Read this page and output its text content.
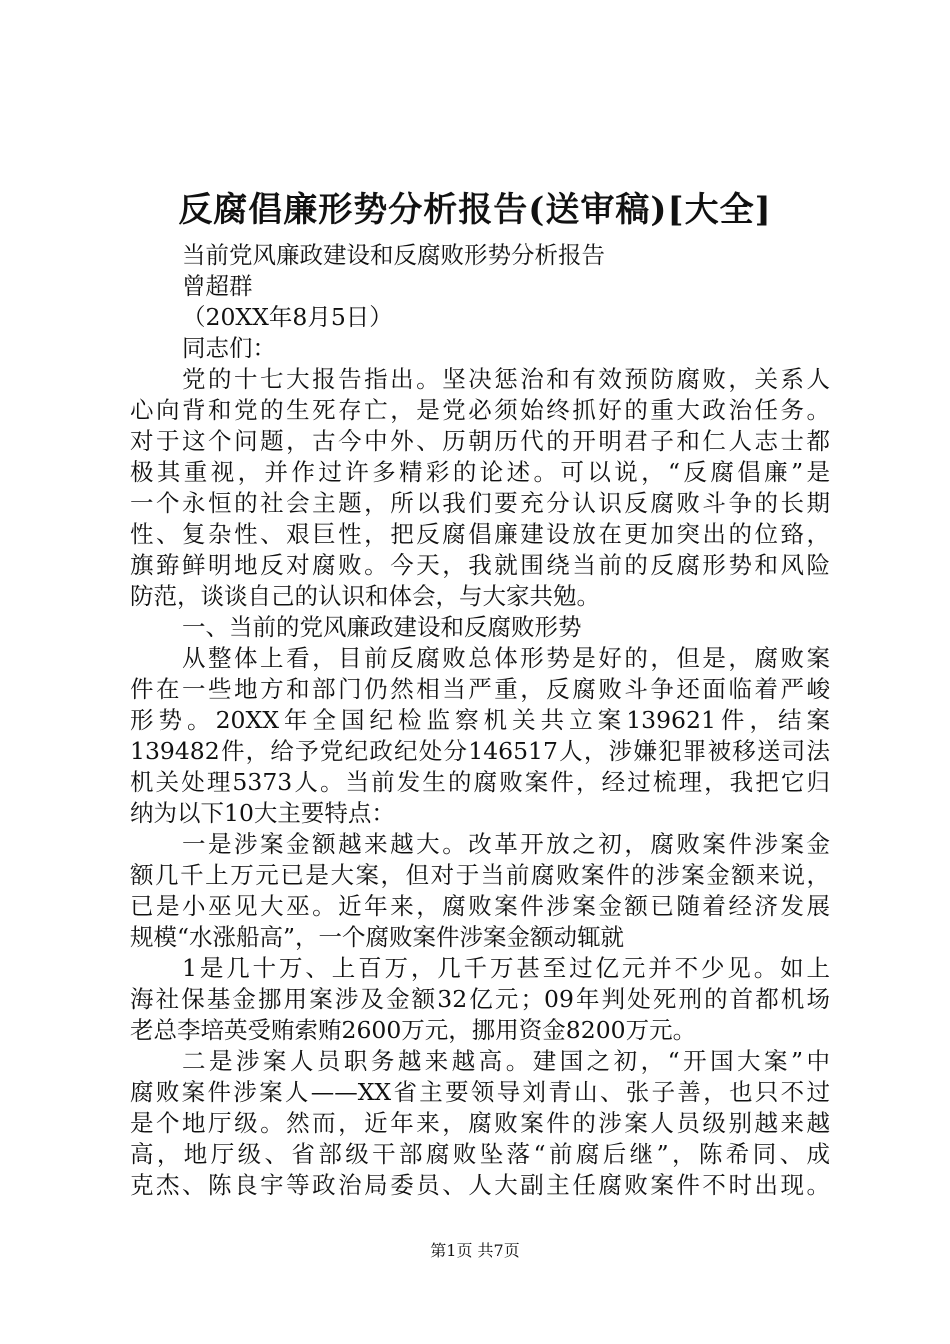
反腐倡廉形势分析报告(送审稿)[大全]
当前党风廉政建设和反腐败形势分析报告
曾超群
（20XX年8月5日）
同志们：
党的十七大报告指出。坚决惩治和有效预防腐败，关系人
心向背和党的生死存亡，是党必须始终抓好的重大政治任务。
对于这个问题，古今中外、历朝历代的开明君子和仁人志士都
极其重视，并作过许多精彩的论述。可以说，“反腐倡廉”是
一个永恒的社会主题，所以我们要充分认识反腐败斗争的长期
性、复杂性、艰巨性，把反腐倡廉建设放在更加突出的位臵，
旗臶鲜明地反对腐败。今天，我就围绕当前的反腐形势和风险
防范，谈谈自己的认识和体会，与大家共勉。
一、当前的党风廉政建设和反腐败形势
从整体上看，目前反腐败总体形势是好的，但是，腐败案
件在一些地方和部门仍然相当严重，反腐败斗争还面临着严峻
形势。20XX年全国纪检监察机关共立案139621件，结案
139482件，给予党纪政纪处分146517人，涉嫌犯罪被移送司法
机关处理5373人。当前发生的腐败案件，经过梳理，我把它归
纳为以下10大主要特点：
一是涉案金额越来越大。改革开放之初，腐败案件涉案金
额几千上万元已是大案，但对于当前腐败案件的涉案金额来说，
已是小巫见大巫。近年来，腐败案件涉案金额已随着经济发展
规模“水涨船高”，一个腐败案件涉案金额动辄就
1是几十万、上百万，几千万甚至过亿元并不少见。如上
海社保基金挪用案涉及金额32亿元；09年判处死刑的首都机场
老总李培英受贿索贿2600万元，挪用资金8200万元。
二是涉案人员职务越来越高。建国之初，“开国大案”中
腐败案件涉案人——XX省主要领导刘青山、张子善，也只不过
是个地厅级。然而，近年来，腐败案件的涉案人员级别越来越
高，地厅级、省部级干部腐败坠落“前腐后继”，陈希同、成
克杰、陈良宇等政治局委员、人大副主任腐败案件不时出现。
第1页 共7页
